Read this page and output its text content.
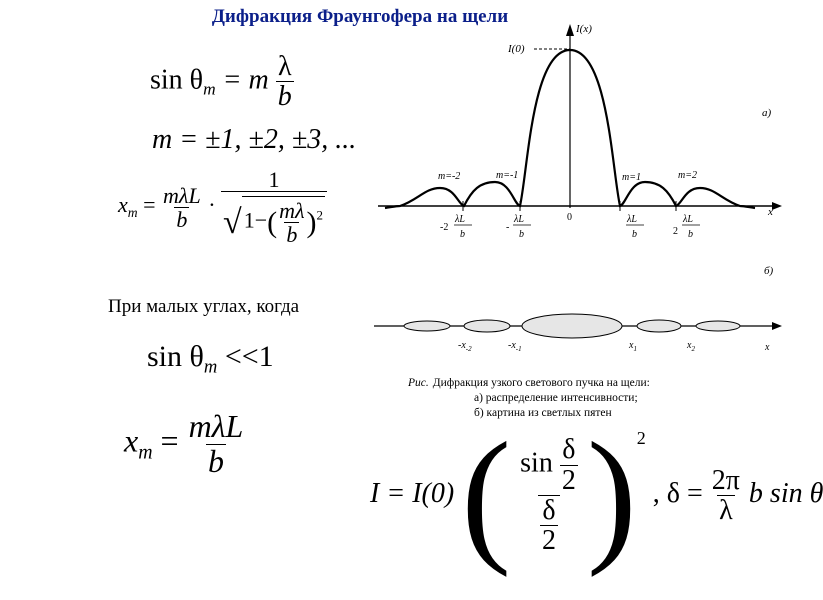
Дифракция Фраунгофера на щели
$\sin \theta_m = m \frac{\lambda}{b}$
m = ±1, ±2, ±3, ...
$x_m = \frac{\text{mλL}}{b} \cdot \frac{1}{√1-( \frac{m\lambda}{b} )^2}$
При малых углах, когда
$\sin \theta_m <<1$
$x_m = \frac{\text{mλL}}{b}$
I = I(0) ( $\frac{\sin \frac{\delta}{2}}{\frac{\delta}{2}} )^2$ , $\delta = \frac{2\pi}{\lambda}$ b sin θ
I(x)
I(0)
а)
x
m=-2	m=-1	m=1	m=2
-2
λL
b
-
λL
b
0	λL
b	2
λL
b
б)
$-x_{-2}$	$-x_{-1}$	$x_1$	$x_2$	x
Рис. Дифракция узкого светового пучка на щели:
а) распределение интенсивности;
б) картина из светлых пятен
